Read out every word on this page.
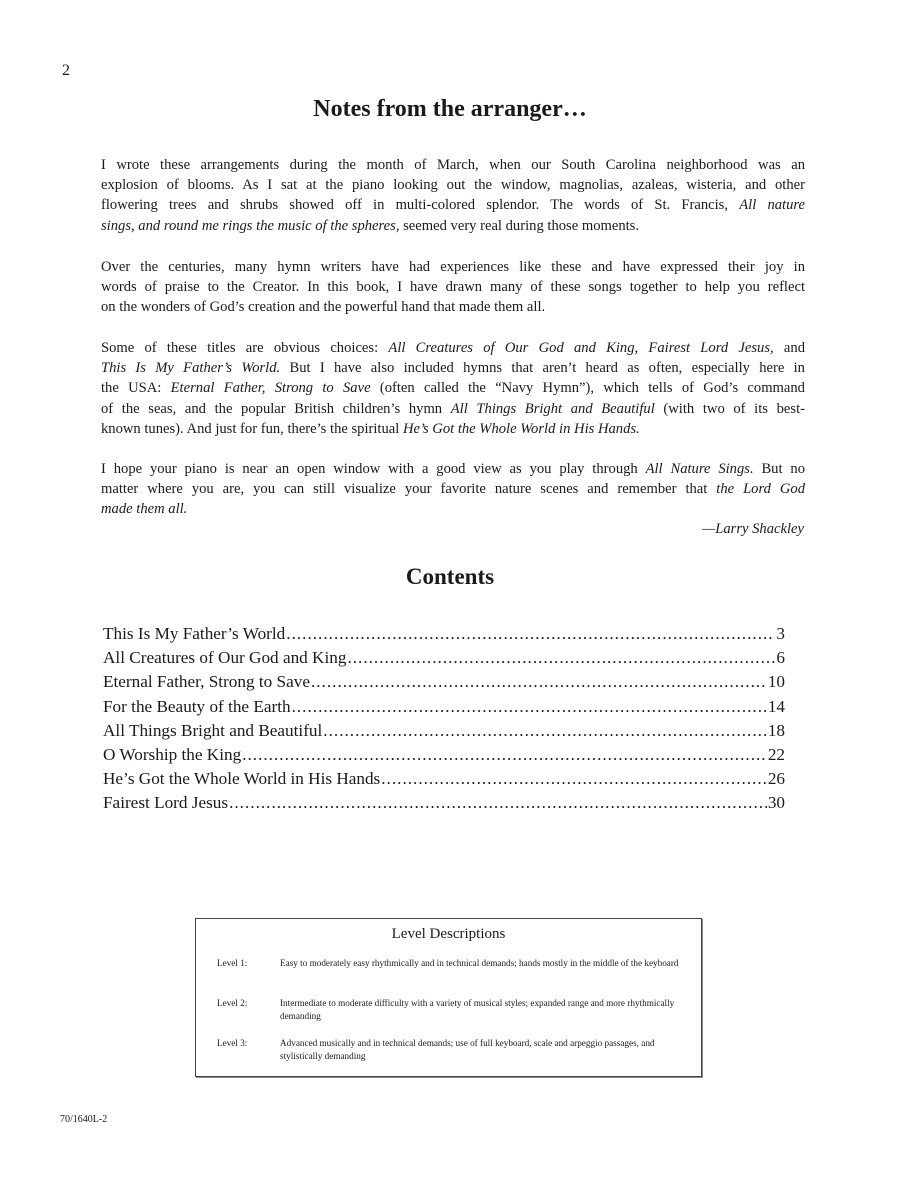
2
Notes from the arranger…
I wrote these arrangements during the month of March, when our South Carolina neighborhood was an
explosion of blooms. As I sat at the piano looking out the window, magnolias, azaleas, wisteria, and other
flowering trees and shrubs showed off in multi-colored splendor. The words of St. Francis, All nature
sings, and round me rings the music of the spheres, seemed very real during those moments.
Over the centuries, many hymn writers have had experiences like these and have expressed their joy in
words of praise to the Creator. In this book, I have drawn many of these songs together to help you reflect
on the wonders of God’s creation and the powerful hand that made them all.
Some of these titles are obvious choices: All Creatures of Our God and King, Fairest Lord Jesus, and
This Is My Father’s World. But I have also included hymns that aren’t heard as often, especially here in
the USA: Eternal Father, Strong to Save (often called the “Navy Hymn”), which tells of God’s command
of the seas, and the popular British children’s hymn All Things Bright and Beautiful (with two of its best-
known tunes). And just for fun, there’s the spiritual He’s Got the Whole World in His Hands.
I hope your piano is near an open window with a good view as you play through All Nature Sings. But no
matter where you are, you can still visualize your favorite nature scenes and remember that the Lord God
made them all.
—Larry Shackley
Contents
This Is My Father’s World .....	3
All Creatures of Our God and King .....	6
Eternal Father, Strong to Save .....	10
For the Beauty of the Earth .....	14
All Things Bright and Beautiful .....	18
O Worship the King .....	22
He’s Got the Whole World in His Hands .....	26
Fairest Lord Jesus .....	30
Level Descriptions
Level 1:	Easy to moderately easy rhythmically and in technical demands; hands mostly in the middle of the keyboard
Level 2:	Intermediate to moderate difficulty with a variety of musical styles; expanded range and more rhythmically demanding
Level 3:	Advanced musically and in technical demands; use of full keyboard, scale and arpeggio passages, and stylistically demanding
70/1640L-2
